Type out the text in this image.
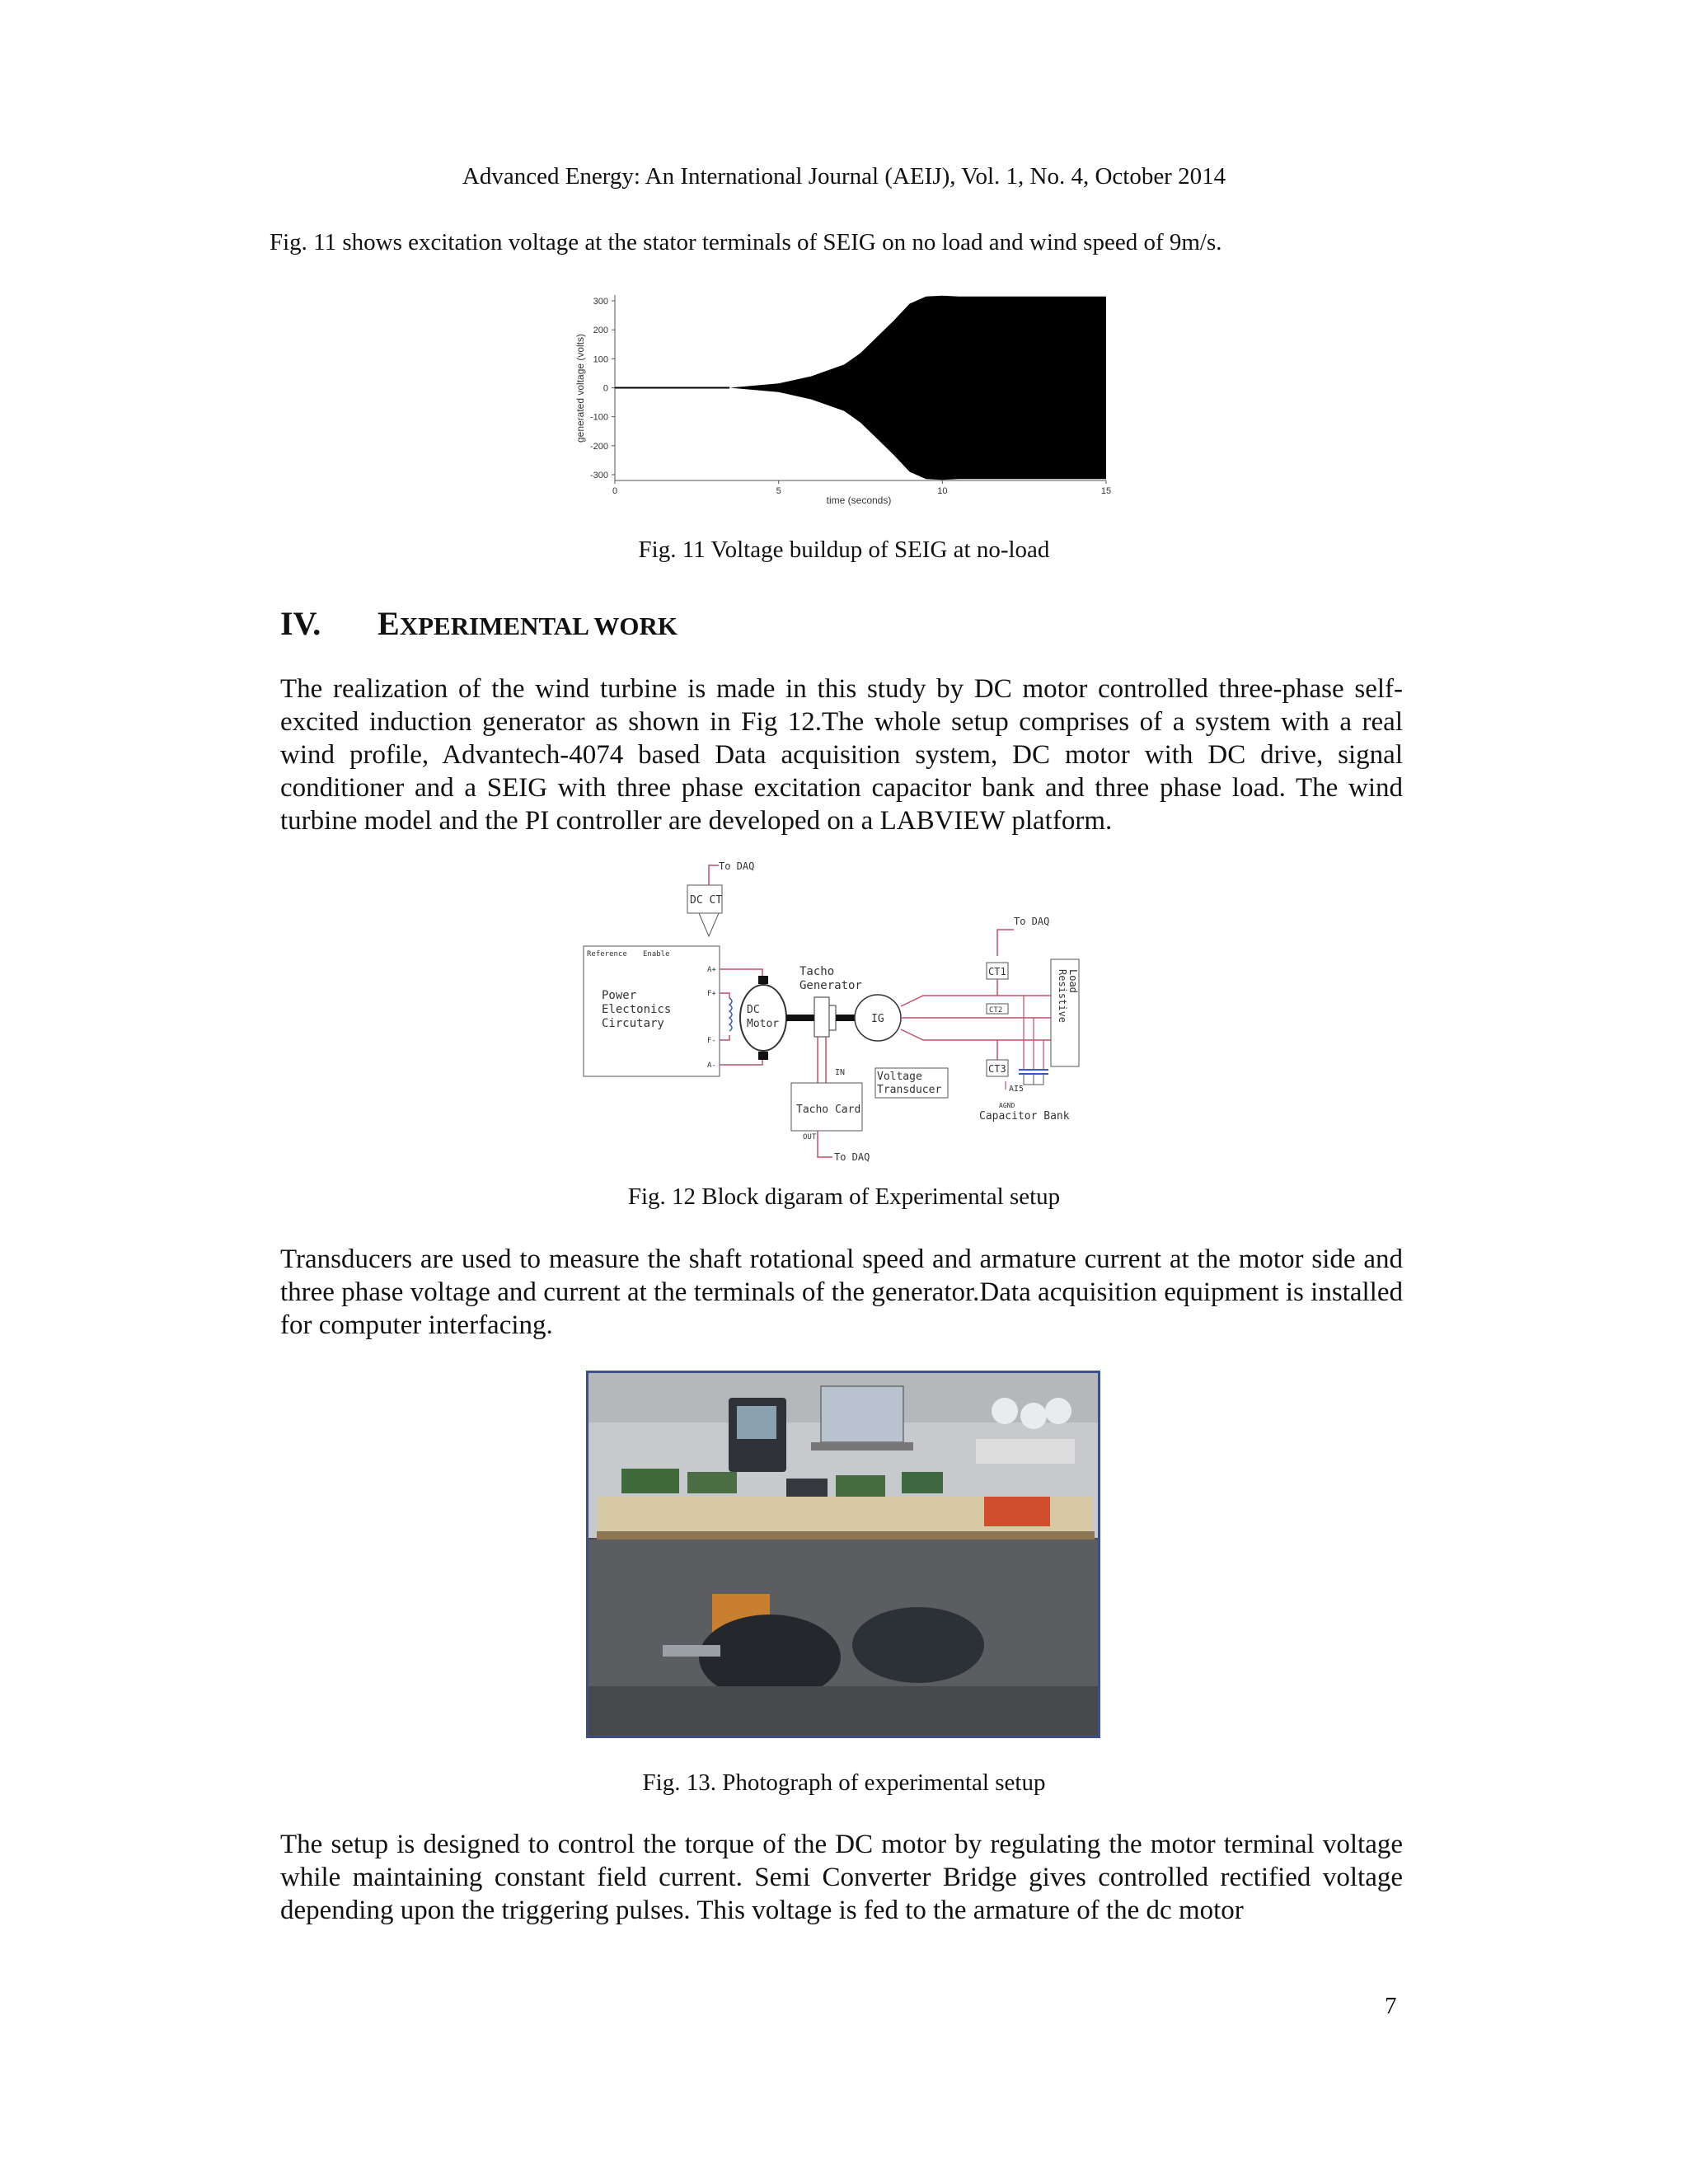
Advanced Energy: An International Journal (AEIJ), Vol. 1, No. 4, October 2014
Fig. 11 shows excitation voltage at the stator terminals of SEIG on no load and wind speed of 9m/s.
300
200
100
0
-100
-200
-300
0	5	10	15
time (seconds)
generated voltage (volts)
Fig. 11 Voltage buildup of SEIG at no-load
IV. EXPERIMENTAL WORK
The realization of the wind turbine is made in this study by DC motor controlled three-phase self-excited induction generator as shown in Fig 12.The whole setup comprises of a system with a real wind profile, Advantech-4074 based Data acquisition system, DC motor with DC drive, signal conditioner and a SEIG with three phase excitation capacitor bank and three phase load. The wind turbine model and the PI controller are developed on a LABVIEW platform.
To DAQ
DC CT
Reference Enable
A+
F+
F-
A-
Power
Electonics
Circutary
DC
Motor
Tacho
Generator
IG
To DAQ
CT1
CT2
CT3
Resistive Load
AI5
AGND
Capacitor Bank
IN
Tacho Card
OUT
To DAQ
Voltage
Transducer
Fig. 12 Block digaram of Experimental setup
Transducers are used to measure the shaft rotational speed and armature current at the motor side and three phase voltage and current at the terminals of the generator.Data acquisition equipment is installed for computer interfacing.
Fig. 13. Photograph of experimental setup
The setup is designed to control the torque of the DC motor by regulating the motor terminal voltage while maintaining constant field current. Semi Converter Bridge gives controlled rectified voltage depending upon the triggering pulses. This voltage is fed to the armature of the dc motor
7
